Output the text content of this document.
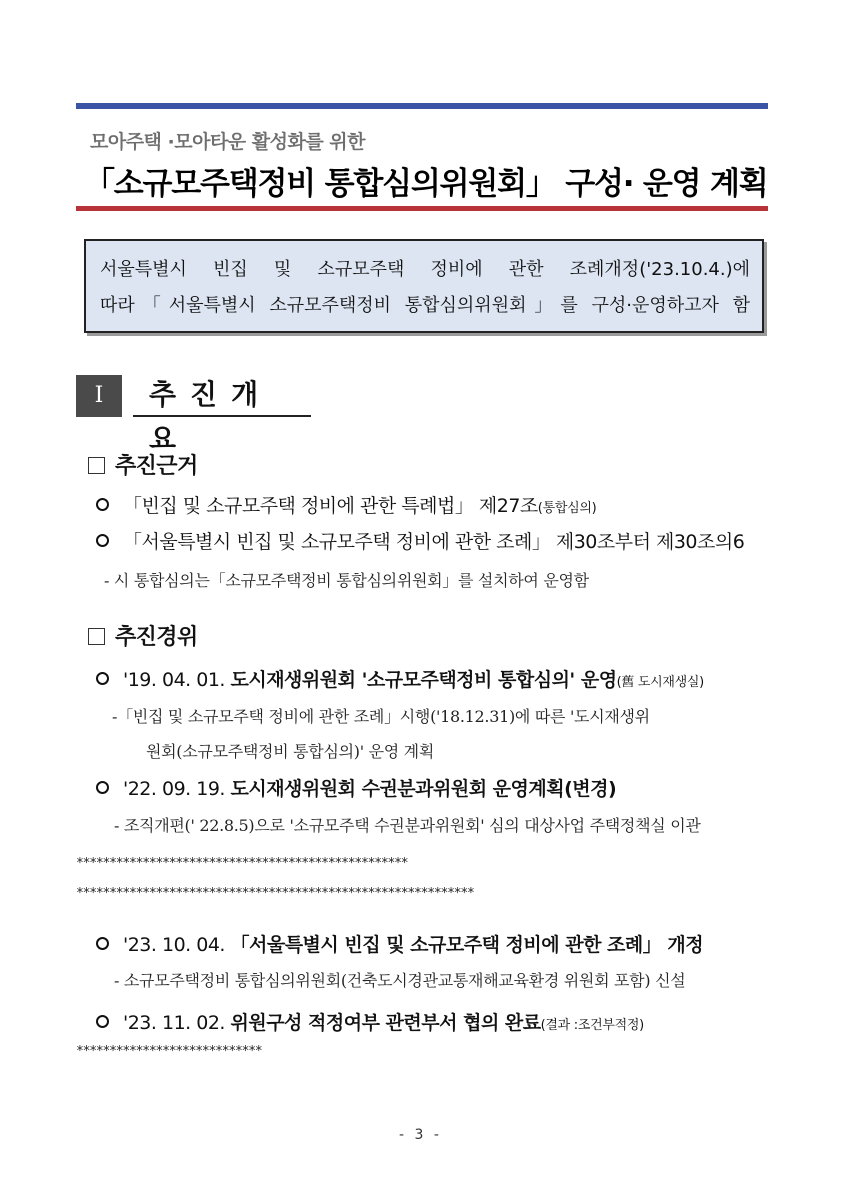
모아주택 ·모아타운 활성화를 위한
「소규모주택정비 통합심의위원회」 구성· 운영 계획
서울특별시 빈집 및 소규모주택 정비에 관한 조례개정('23.10.4.)에
따라「서울특별시 소규모주택정비 통합심의위원회」를 구성·운영하고자 함
Ⅰ	추진개요
추진근거
「빈집 및 소규모주택 정비에 관한 특례법」 제27조(통합심의)
「서울특별시 빈집 및 소규모주택 정비에 관한 조례」 제30조부터 제30조의6
- 시 통합심의는「소규모주택정비 통합심의위원회」를 설치하여 운영함
추진경위
'19. 04. 01. 도시재생위원회 '소규모주택정비 통합심의' 운영(舊 도시재생실)
-「빈집 및 소규모주택 정비에 관한 조례」시행('18.12.31)에 따른 '도시재생위
원회(소규모주택정비 통합심의)' 운영 계획
'22. 09. 19. 도시재생위원회 수권분과위원회 운영계획(변경)
- 조직개편(' 22.8.5)으로 '소규모주택 수권분과위원회' 심의 대상사업 주택정책실 이관
**************************************************
************************************************************
'23. 10. 04. 「서울특별시 빈집 및 소규모주택 정비에 관한 조례」 개정
- 소규모주택정비 통합심의위원회(건축도시경관교통재해교육환경 위원회 포함) 신설
'23. 11. 02. 위원구성 적정여부 관련부서 협의 완료(결과 :조건부적정)
****************************
- 3 -
